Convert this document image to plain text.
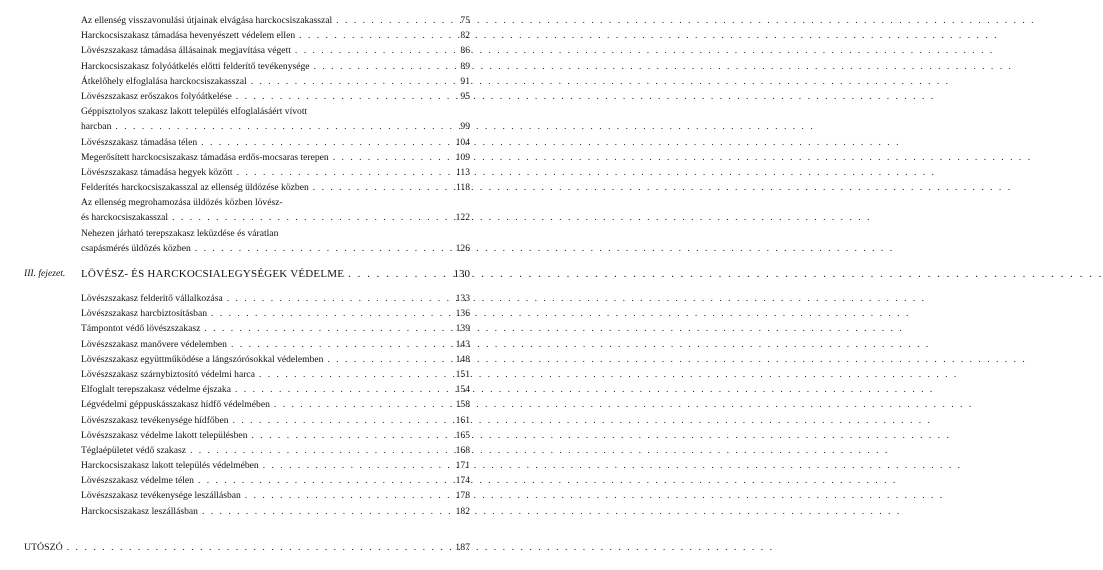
Az ellenség visszavonulási útjainak elvágása harckocsiszakasszal . . .	75
Harckocsiszakasz támadása hevenyészett védelem ellen . . .	82
Lövészszakasz támadása állásainak megjavítása végett . . .	86
Harckocsiszakasz folyóátkelés előtti felderítő tevékenysége . . .	89
Átkelőhely elfoglalása harckocsiszakasszal . . .	91
Lövészszakasz erőszakos folyóátkelése . . .	95
Géppisztolyos szakasz lakott település elfoglalásáért vívott
harcban . . .	99
Lövészszakasz támadása télen . . .	104
Megerősített harckocsiszakasz támadása erdős-mocsaras terepen . . .	109
Lövészszakasz támadása hegyek között . . .	113
Felderítés harckocsiszakasszal az ellenség üldözése közben . . .	118
Az ellenség megrohamozása üldözés közben lövész-
és harckocsiszakasszal . . .	122
Nehezen járható terepszakasz leküzdése és váratlan
csapásmérés üldözés közben . . .	126
III. fejezet. LÖVÉSZ- ÉS HARCKOCSIALEGYSÉGEK VÉDELME . . .	130
Lövészszakasz felderítő vállalkozása . . .	133
Lövészszakasz harcbiztosításban . . .	136
Támpontot védő lövészszakasz . . .	139
Lövészszakasz manővere védelemben . . .	143
Lövészszakasz együttműködése a lángszórósokkal védelemben . . .	148
Lövészszakasz szárnybiztosító védelmi harca . . .	151
Elfoglalt terepszakasz védelme éjszaka . . .	154
Légvédelmi géppuskásszakasz hídfő védelmében . . .	158
Lövészszakasz tevékenysége hídfőben . . .	161
Lövészszakasz védelme lakott településben . . .	165
Téglaépületet védő szakasz . . .	168
Harckocsiszakasz lakott település védelmében . . .	171
Lövészszakasz védelme télen . . .	174
Lövészszakasz tevékenysége leszállásban . . .	178
Harckocsiszakasz leszállásban . . .	182
UTÓSZÓ . . .	187
